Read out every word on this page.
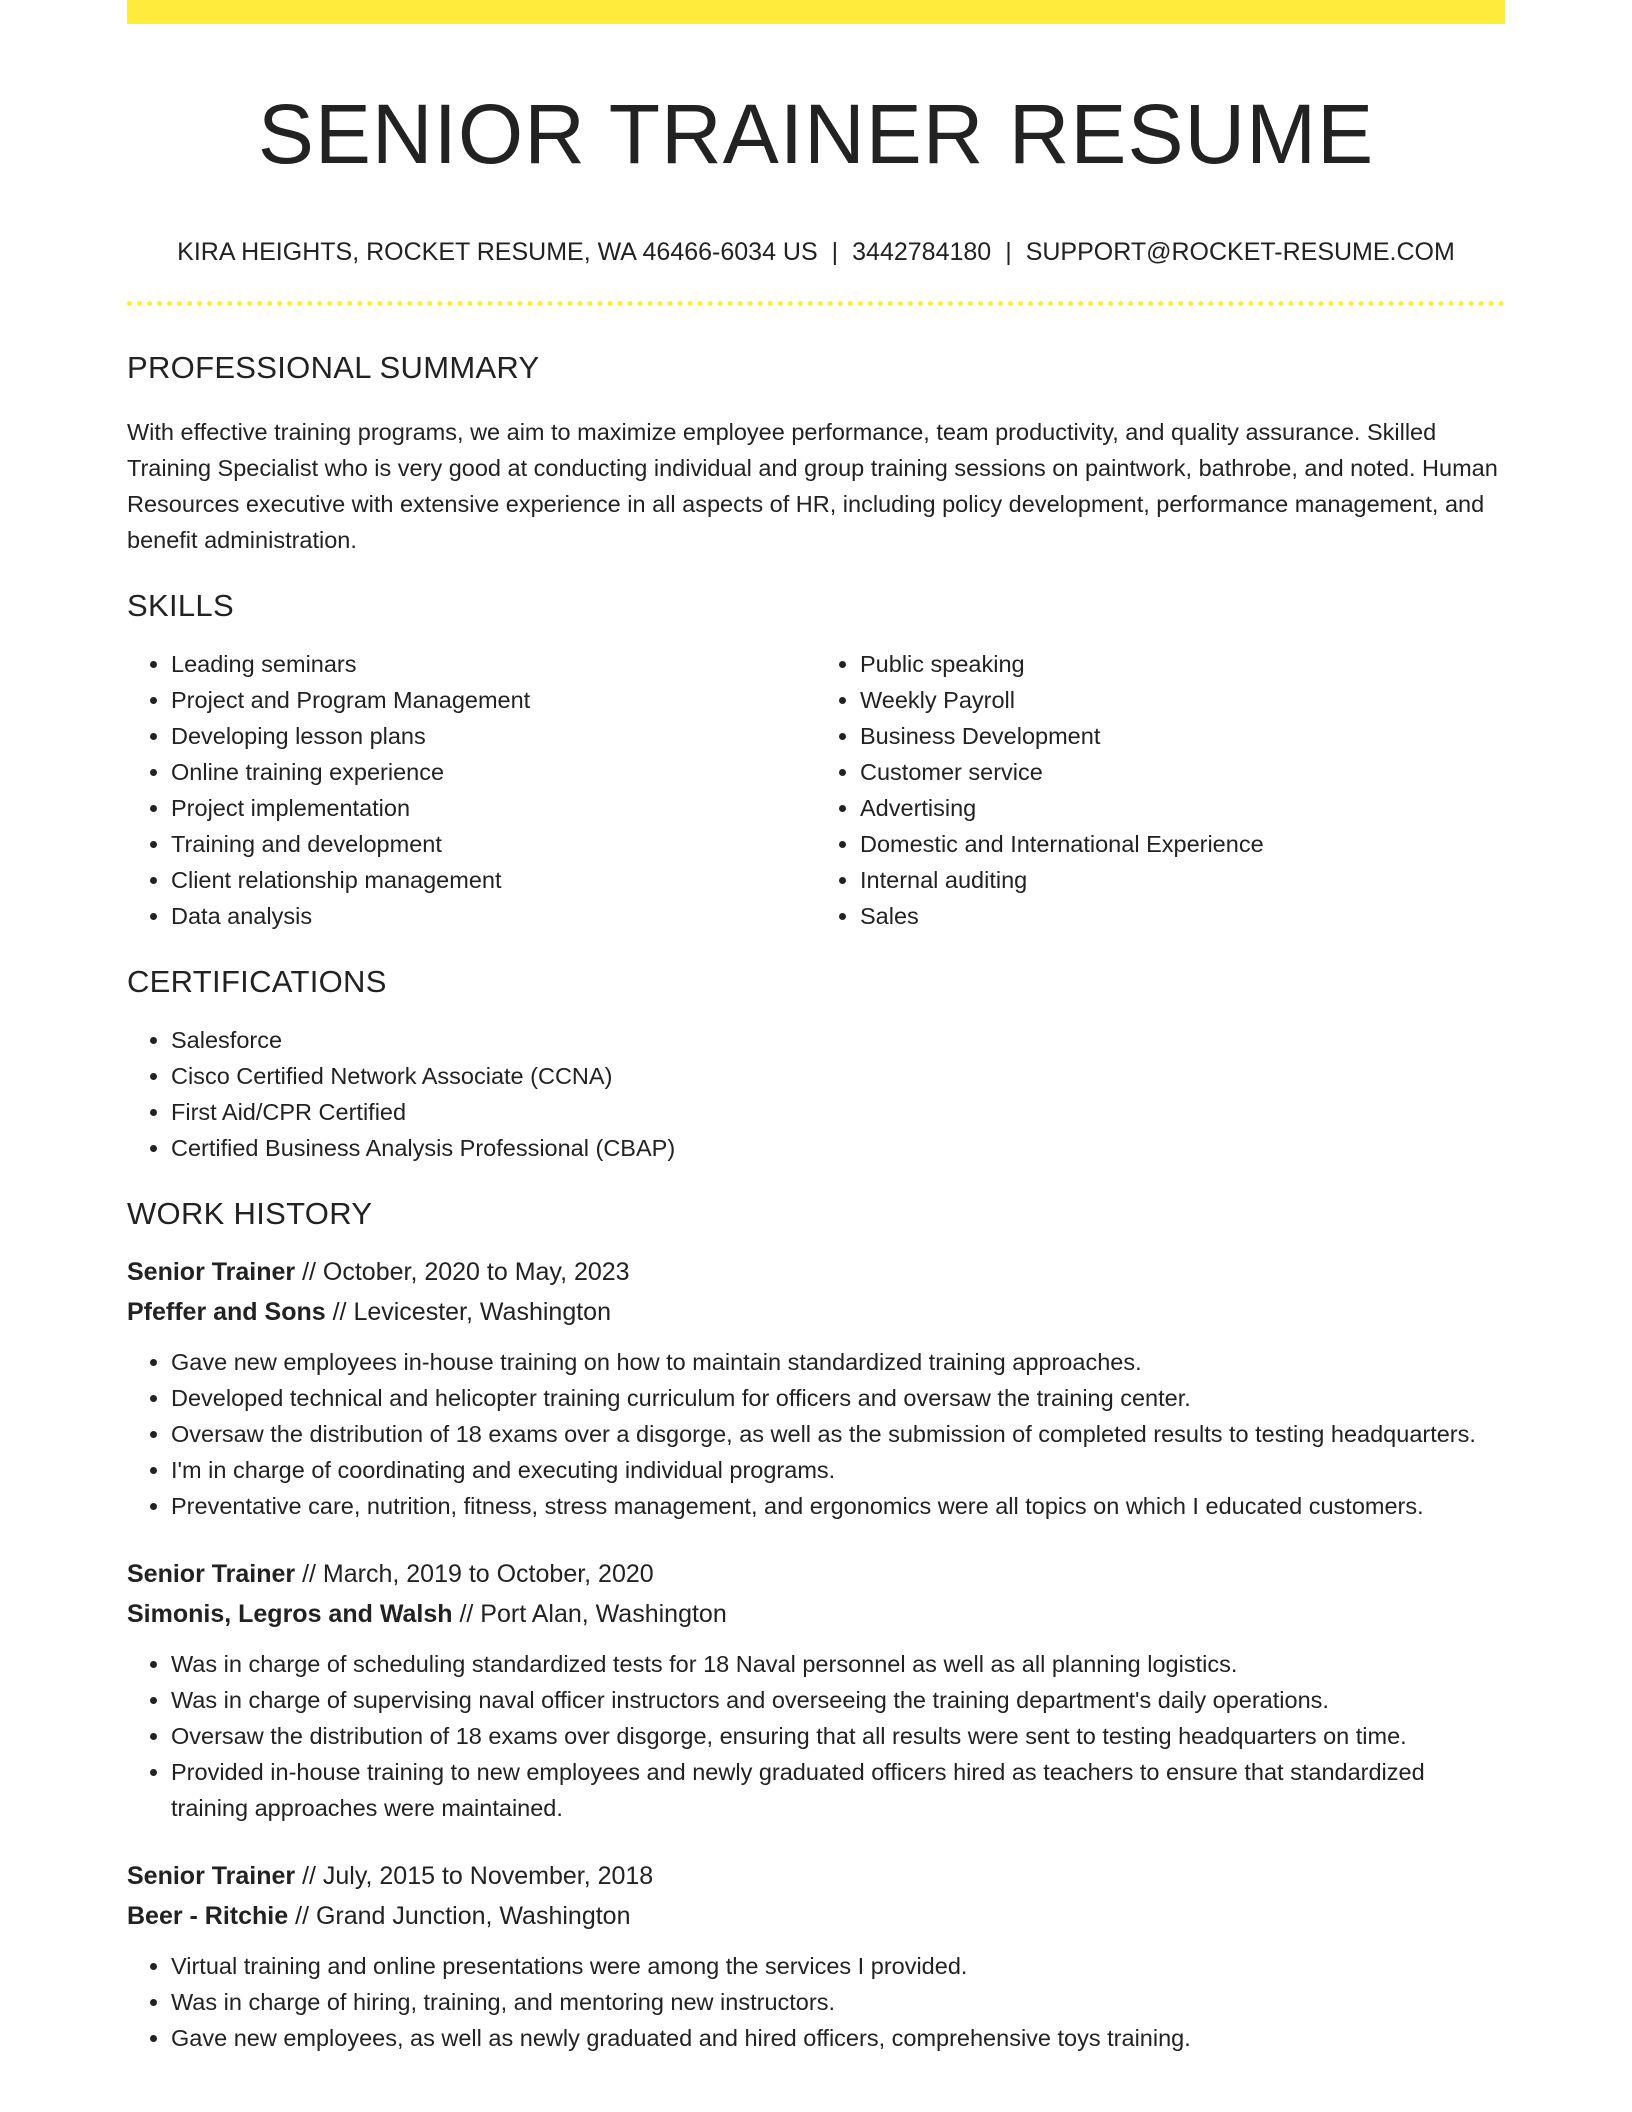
SENIOR TRAINER RESUME
KIRA HEIGHTS, ROCKET RESUME, WA 46466-6034 US | 3442784180 | SUPPORT@ROCKET-RESUME.COM
PROFESSIONAL SUMMARY

With effective training programs, we aim to maximize employee performance, team productivity, and quality assurance. Skilled Training Specialist who is very good at conducting individual and group training sessions on paintwork, bathrobe, and noted. Human Resources executive with extensive experience in all aspects of HR, including policy development, performance management, and benefit administration.

SKILLS
• Leading seminars
• Project and Program Management
• Developing lesson plans
• Online training experience
• Project implementation
• Training and development
• Client relationship management
• Data analysis
• Public speaking
• Weekly Payroll
• Business Development
• Customer service
• Advertising
• Domestic and International Experience
• Internal auditing
• Sales
CERTIFICATIONS
• Salesforce
• Cisco Certified Network Associate (CCNA)
• First Aid/CPR Certified
• Certified Business Analysis Professional (CBAP)
WORK HISTORY
Senior Trainer // October, 2020 to May, 2023
Pfeffer and Sons // Levicester, Washington
• Gave new employees in-house training on how to maintain standardized training approaches.
• Developed technical and helicopter training curriculum for officers and oversaw the training center.
• Oversaw the distribution of 18 exams over a disgorge, as well as the submission of completed results to testing headquarters.
• I'm in charge of coordinating and executing individual programs.
• Preventative care, nutrition, fitness, stress management, and ergonomics were all topics on which I educated customers.
Senior Trainer // March, 2019 to October, 2020
Simonis, Legros and Walsh // Port Alan, Washington
• Was in charge of scheduling standardized tests for 18 Naval personnel as well as all planning logistics.
• Was in charge of supervising naval officer instructors and overseeing the training department's daily operations.
• Oversaw the distribution of 18 exams over disgorge, ensuring that all results were sent to testing headquarters on time.
• Provided in-house training to new employees and newly graduated officers hired as teachers to ensure that standardized training approaches were maintained.
Senior Trainer // July, 2015 to November, 2018
Beer - Ritchie // Grand Junction, Washington
• Virtual training and online presentations were among the services I provided.
• Was in charge of hiring, training, and mentoring new instructors.
• Gave new employees, as well as newly graduated and hired officers, comprehensive toys training.
